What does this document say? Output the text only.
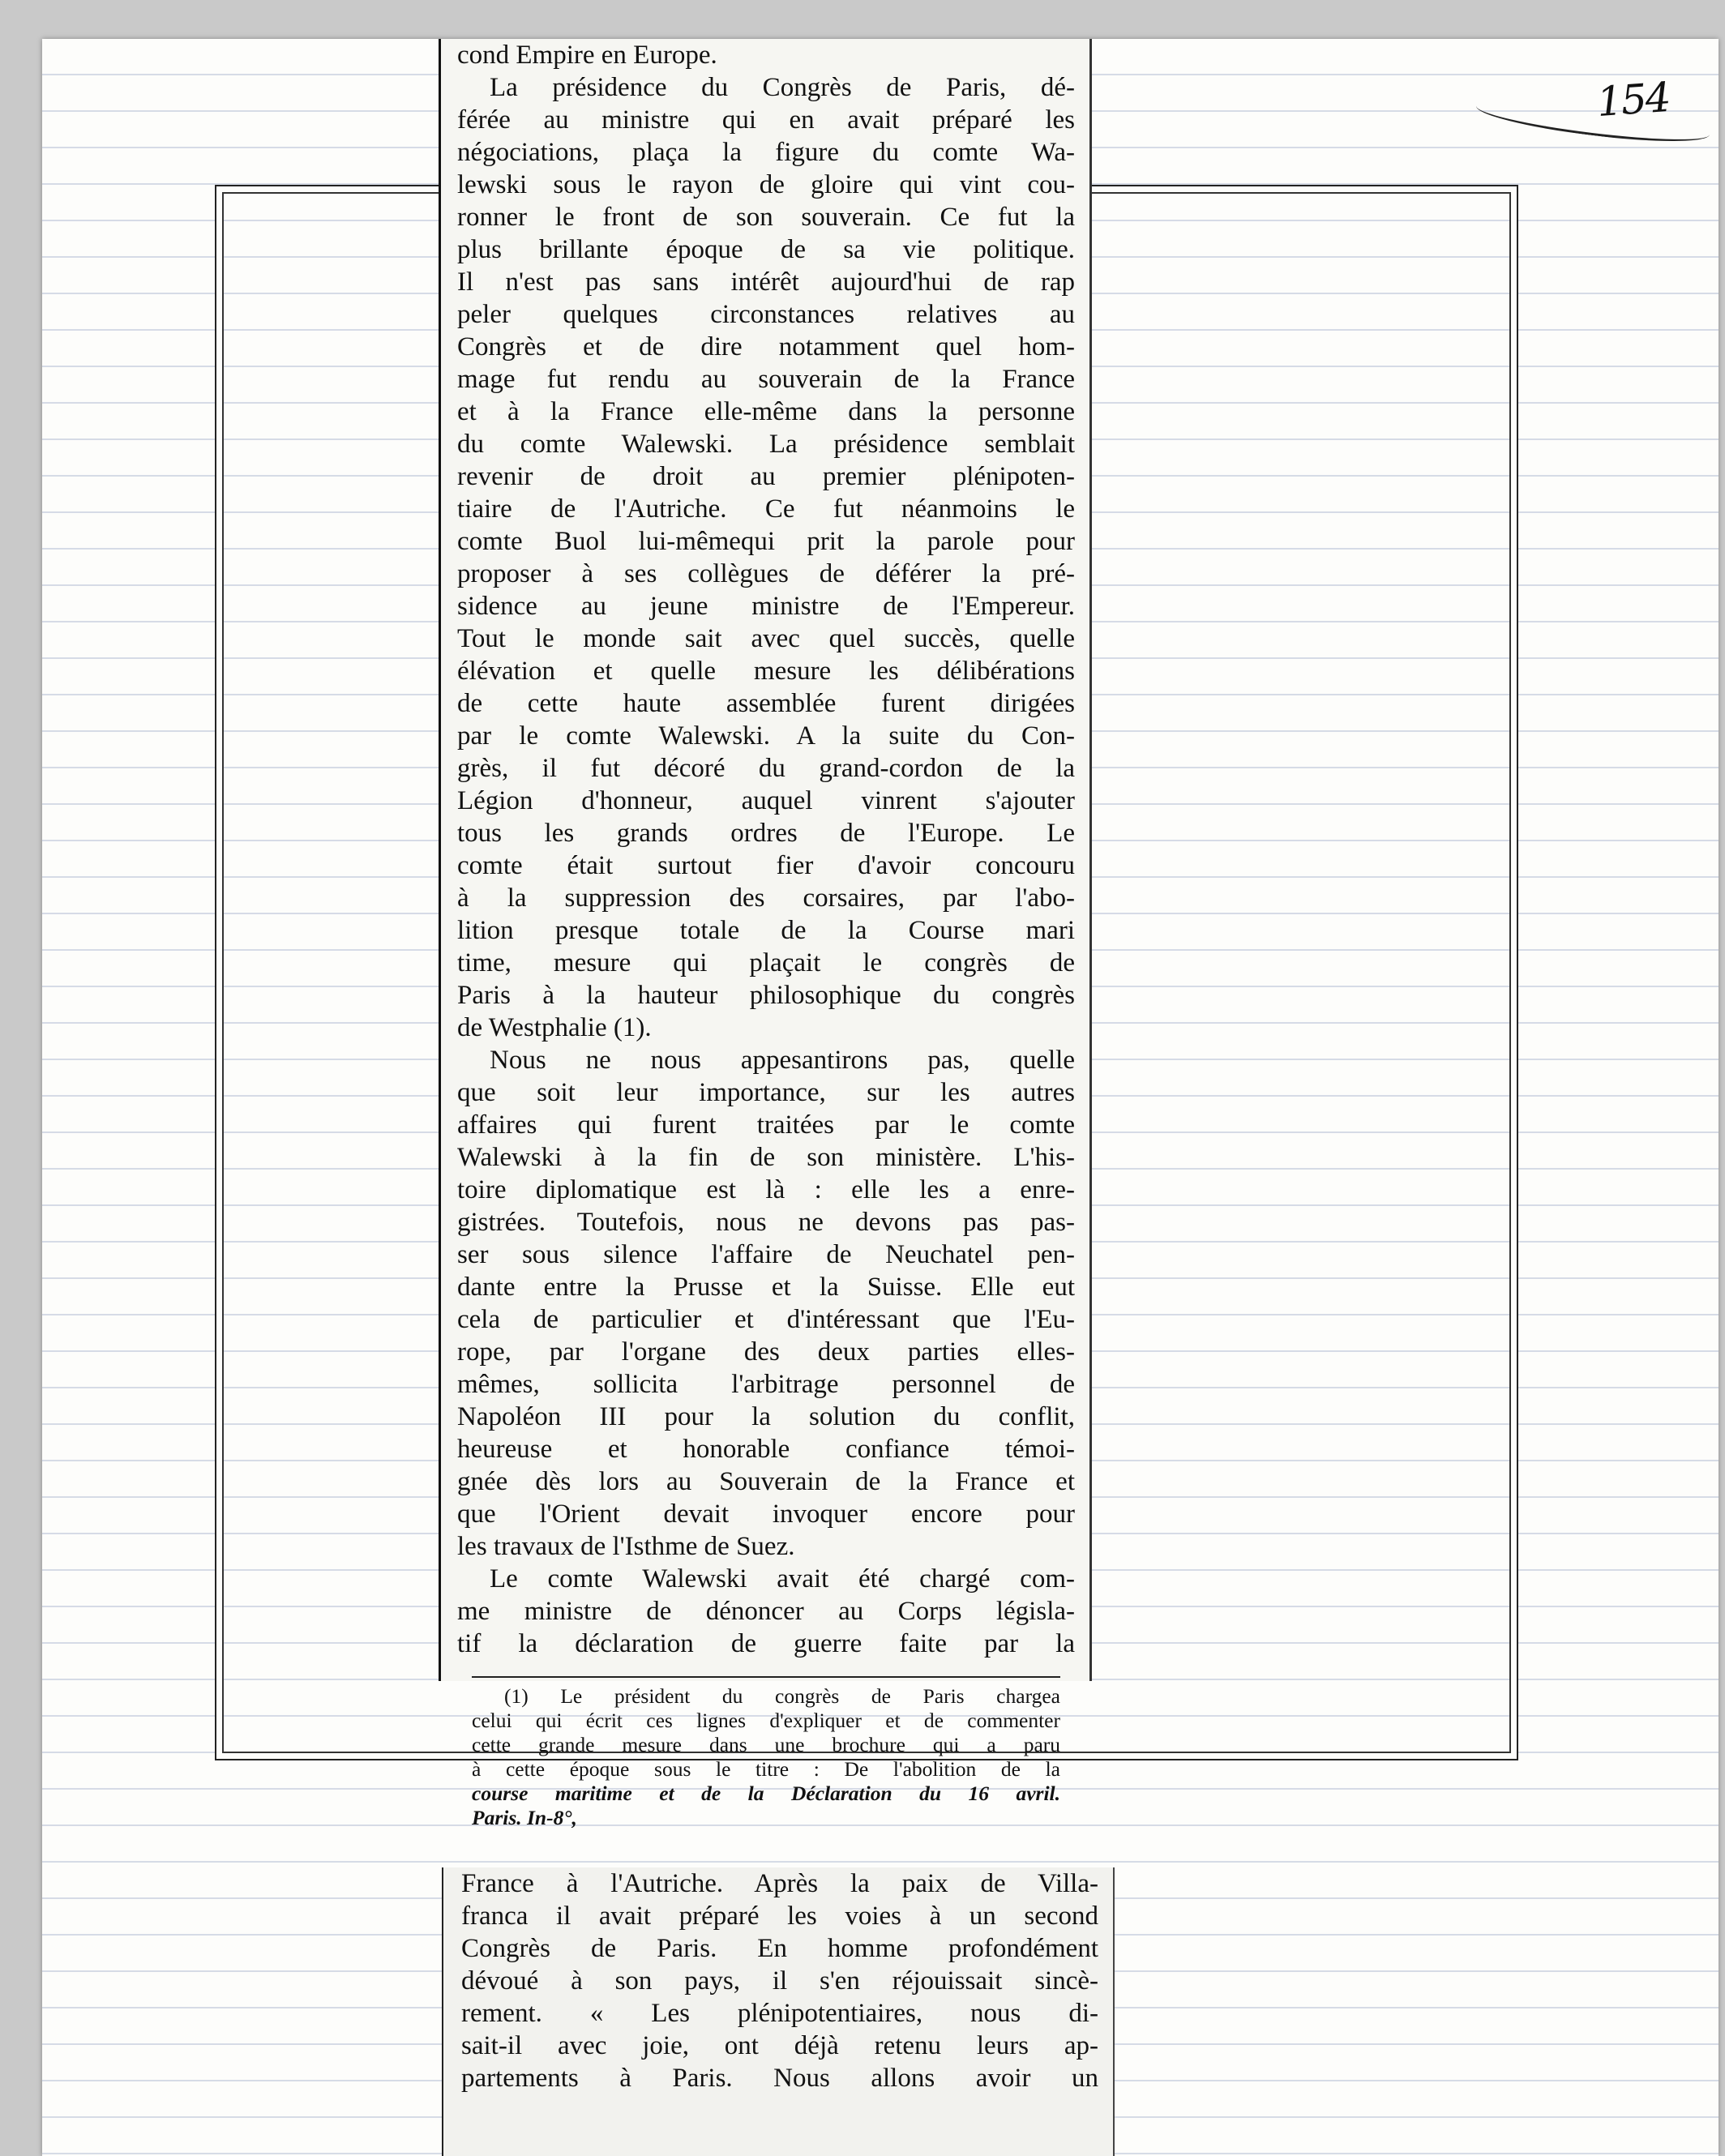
154
cond Empire en Europe.
La présidence du Congrès de Paris, dé-
férée au ministre qui en avait préparé les
négociations, plaça la figure du comte Wa-
lewski sous le rayon de gloire qui vint cou-
ronner le front de son souverain. Ce fut la
plus brillante époque de sa vie politique.
Il n'est pas sans intérêt aujourd'hui de rap
peler quelques circonstances relatives au
Congrès et de dire notamment quel hom-
mage fut rendu au souverain de la France
et à la France elle-même dans la personne
du comte Walewski. La présidence semblait
revenir de droit au premier plénipoten-
tiaire de l'Autriche. Ce fut néanmoins le
comte Buol lui-mêmequi prit la parole pour
proposer à ses collègues de déférer la pré-
sidence au jeune ministre de l'Empereur.
Tout le monde sait avec quel succès, quelle
élévation et quelle mesure les délibérations
de cette haute assemblée furent dirigées
par le comte Walewski. A la suite du Con-
grès, il fut décoré du grand-cordon de la
Légion d'honneur, auquel vinrent s'ajouter
tous les grands ordres de l'Europe. Le
comte était surtout fier d'avoir concouru
à la suppression des corsaires, par l'abo-
lition presque totale de la Course mari
time, mesure qui plaçait le congrès de
Paris à la hauteur philosophique du congrès
de Westphalie (1).
Nous ne nous appesantirons pas, quelle
que soit leur importance, sur les autres
affaires qui furent traitées par le comte
Walewski à la fin de son ministère. L'his-
toire diplomatique est là : elle les a enre-
gistrées. Toutefois, nous ne devons pas pas-
ser sous silence l'affaire de Neuchatel pen-
dante entre la Prusse et la Suisse. Elle eut
cela de particulier et d'intéressant que l'Eu-
rope, par l'organe des deux parties elles-
mêmes, sollicita l'arbitrage personnel de
Napoléon III pour la solution du conflit,
heureuse et honorable confiance témoi-
gnée dès lors au Souverain de la France et
que l'Orient devait invoquer encore pour
les travaux de l'Isthme de Suez.
Le comte Walewski avait été chargé com-
me ministre de dénoncer au Corps législa-
tif la déclaration de guerre faite par la
(1) Le président du congrès de Paris chargea
celui qui écrit ces lignes d'expliquer et de commenter
cette grande mesure dans une brochure qui a paru
à cette époque sous le titre : De l'abolition de la
course maritime et de la Déclaration du 16 avril.
Paris. In-8°,
France à l'Autriche. Après la paix de Villa-
franca il avait préparé les voies à un second
Congrès de Paris. En homme profondément
dévoué à son pays, il s'en réjouissait sincè-
rement. « Les plénipotentiaires, nous di-
sait-il avec joie, ont déjà retenu leurs ap-
partements à Paris. Nous allons avoir un
